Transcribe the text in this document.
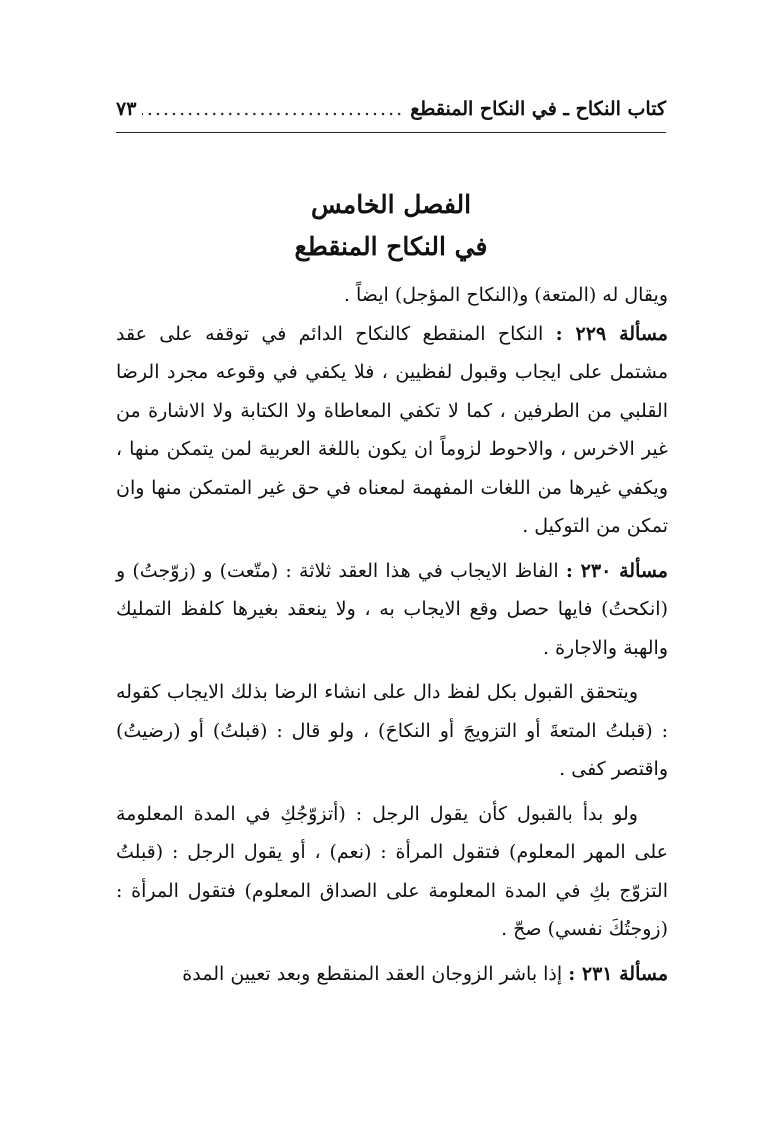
كتاب النكاح ـ في النكاح المنقطع
.....
٧٣
الفصل الخامس
في النكاح المنقطع

ويقال له (المتعة) و(النكاح المؤجل) ايضاً .

مسألة ٢٢٩ : النكاح المنقطع كالنكاح الدائم في توقفه على عقد مشتمل على ايجاب وقبول لفظيين ، فلا يكفي في وقوعه مجرد الرضا القلبي من الطرفين ، كما لا تكفي المعاطاة ولا الكتابة ولا الاشارة من غير الاخرس ، والاحوط لزوماً ان يكون باللغة العربية لمن يتمكن منها ، ويكفي غيرها من اللغات المفهمة لمعناه في حق غير المتمكن منها وان تمكن من التوكيل .

مسألة ٢٣٠ : الفاظ الايجاب في هذا العقد ثلاثة : (متّعت) و (زوّجتُ) و (انكحتُ) فايها حصل وقع الايجاب به ، ولا ينعقد بغيرها كلفظ التمليك والهبة والاجارة .

ويتحقق القبول بكل لفظ دال على انشاء الرضا بذلك الايجاب كقوله : (قبلتُ المتعةَ أو التزويجَ أو النكاحَ) ، ولو قال : (قبلتُ) أو (رضيتُ) واقتصر كفى .

ولو بدأ بالقبول كأن يقول الرجل : (أتزوّجُكِ في المدة المعلومة على المهر المعلوم) فتقول المرأة : (نعم) ، أو يقول الرجل : (قبلتُ التزوّج بكِ في المدة المعلومة على الصداق المعلوم) فتقول المرأة : (زوجتُكَ نفسي) صحّ .

مسألة ٢٣١ : إذا باشر الزوجان العقد المنقطع وبعد تعيين المدة
